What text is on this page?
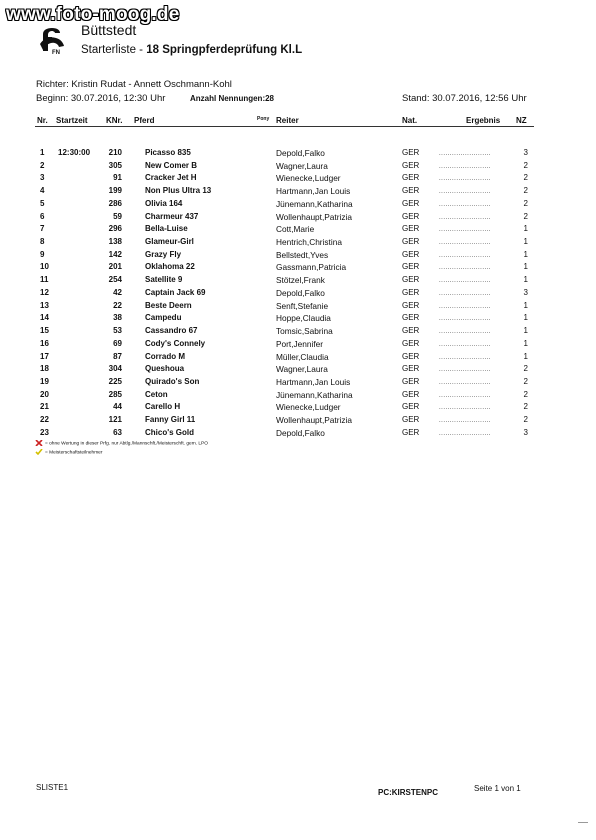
www.foto-moog.de
FN
Büttstedt
Starterliste - 18 Springpferdeprüfung Kl.L
Richter: Kristin Rudat - Annett Oschmann-Kohl
Beginn: 30.07.2016, 12:30 Uhr	Anzahl Nennungen:28	Stand: 30.07.2016, 12:56 Uhr
Nr. Startzeit KNr. Pferd	Pony Reiter	Nat.	Ergebnis NZ
1 12:30:00	210	Picasso 835	Depold,Falko	GER	........................	3
2	305	New Comer B	Wagner,Laura	GER	........................	2
3	91	Cracker Jet H	Wienecke,Ludger	GER	........................	2
4	199	Non Plus Ultra 13	Hartmann,Jan Louis	GER	........................	2
5	286	Olivia 164	Jünemann,Katharina	GER	........................	2
6	59	Charmeur 437	Wollenhaupt,Patrizia	GER	........................	2
7	296	Bella-Luise	Cott,Marie	GER	........................	1
8	138	Glameur-Girl	Hentrich,Christina	GER	........................	1
9	142	Grazy Fly	Bellstedt,Yves	GER	........................	1
10	201	Oklahoma 22	Gassmann,Patricia	GER	........................	1
11	254	Satellite 9	Stötzel,Frank	GER	........................	1
12	42	Captain Jack 69	Depold,Falko	GER	........................	3
13	22	Beste Deern	Senft,Stefanie	GER	........................	1
14	38	Campedu	Hoppe,Claudia	GER	........................	1
15	53	Cassandro 67	Tomsic,Sabrina	GER	........................	1
16	69	Cody's Connely	Port,Jennifer	GER	........................	1
17	87	Corrado M	Müller,Claudia	GER	........................	1
18	304	Queshoua	Wagner,Laura	GER	........................	2
19	225	Quirado's Son	Hartmann,Jan Louis	GER	........................	2
20	285	Ceton	Jünemann,Katharina	GER	........................	2
21	44	Carello H	Wienecke,Ludger	GER	........................	2
22	121	Fanny Girl 11	Wollenhaupt,Patrizia	GER	........................	2
23	63	Chico's Gold	Depold,Falko	GER	........................	3
= ohne Wertung in dieser Prfg. nur Abtlg./Mannschft./Meisterschft. gem. LPO
= Meisterschaftsteilnehmer
SLISTE1
PC:KIRSTENPC	Seite 1 von 1
